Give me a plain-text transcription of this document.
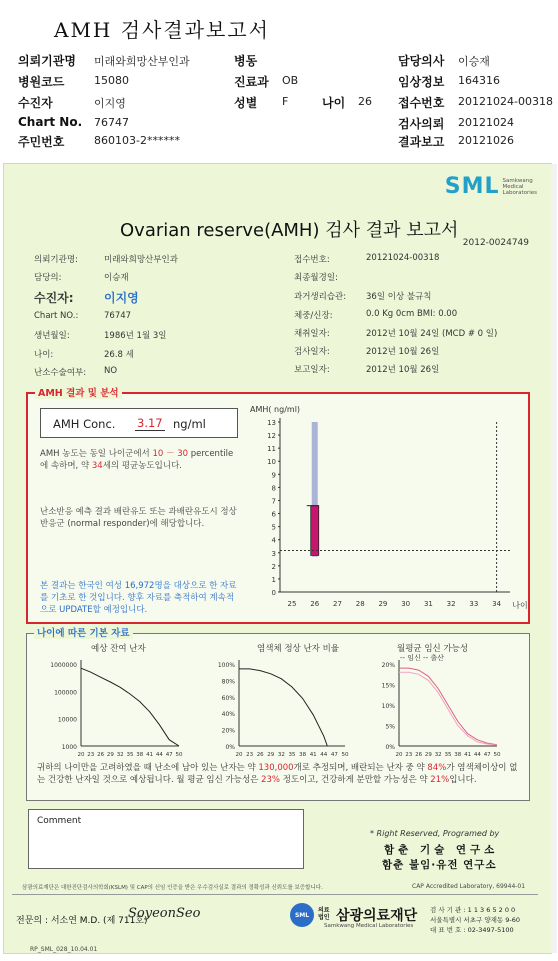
AMH 검사결과보고서
의뢰기관명 미래와희망산부인과	병동	담당의사 이승재
병원코드	15080	진료과 OB	임상정보 164316
수진자	이지영	성별 F	나이 26 접수번호 20121024-00318
Chart No. 76747	검사의뢰 20121024
주민번호	860103-2******	결과보고 20121026
SML Samkwang
Medical
Laboratories
Ovarian reserve(AMH) 검사 결과 보고서
2012-0024749
의뢰기관명:	미래와희망산부인과
담당의:	이승재
수진자:	이지영
Chart NO.:	76747
생년월일:	1986년 1월 3일
나이:	26.8 세
난소수술여부: NO
접수번호:	20121024-00318
최종월경일:
과거생리습관: 36일 이상 불규칙
체중/신장:	0.0 Kg 0cm BMI: 0.00
채취일자:	2012년 10월 24일 (MCD # 0 일)
검사일자:	2012년 10월 26일
보고일자:	2012년 10월 26일
AMH 결과 및 분석
AMH Conc. 3.17 ng/ml
AMH 농도는 동일 나이군에서 10 － 30 percentile에 속하며, 약 34세의 평균농도입니다.
난소반응 예측 결과 배란유도 또는 과배란유도시 정상반응군 (normal responder)에 해당합니다.
본 결과는 한국인 여성 16,972명을 대상으로 한 자료를 기초로 한 것입니다. 향후 자료를 축적하여 계속적으로 UPDATE할 예정입니다.
AMH( ng/ml)
0
1
2
3
4
5
6
7
8
9
10
11
12
13
25 26 27 28 29 30 31 32 33 34 나이
나이에 따른 기본 자료
예상 잔여 난자	염색체 정상 난자 비율	월평균 임신 가능성
-- 임신 -- 출산
1000
10000
100000
1000000
20 23 26 29 32 35 38 41 44 47 50
0%
20%
40%
60%
80%
100%
20 23 26 29 32 35 38 41 44 47 50
0%
5%
10%
15%
20%
20 23 26 29 32 35 38 41 44 47 50
귀하의 나이만을 고려하였을 때 난소에 남아 있는 난자는 약 130,000개로 추정되며, 배란되는 난자 중 약 84%가 염색체이상이 없는 건강한 난자일 것으로 예상됩니다. 월 평균 임신 가능성은 23% 정도이고, 건강하게 분만할 가능성은 약 21%입니다.
Comment
* Right Reserved, Programed by
함춘 기술 연구소
함춘 불임·유전 연구소
삼광의료재단은 대한진단검사의학회(KSLM) 및 CAP의 신임 인증을 받은 우수검사실로 결과의 정확성과 신뢰도를 보증합니다.	CAP Accredited Laboratory, 69944-01
전문의 : 서소연 M.D. (제 711호)
SoyeonSeo	SML	삼광의료재단
의료
법인
Samkwang Medical Laboratories
검 사 기 관 : 1 1 3 6 5 2 0 0
서울특별시 서초구 양재동 9-60
대 표 번 호 : 02-3497-5100
RP_SML_028_10.04.01
